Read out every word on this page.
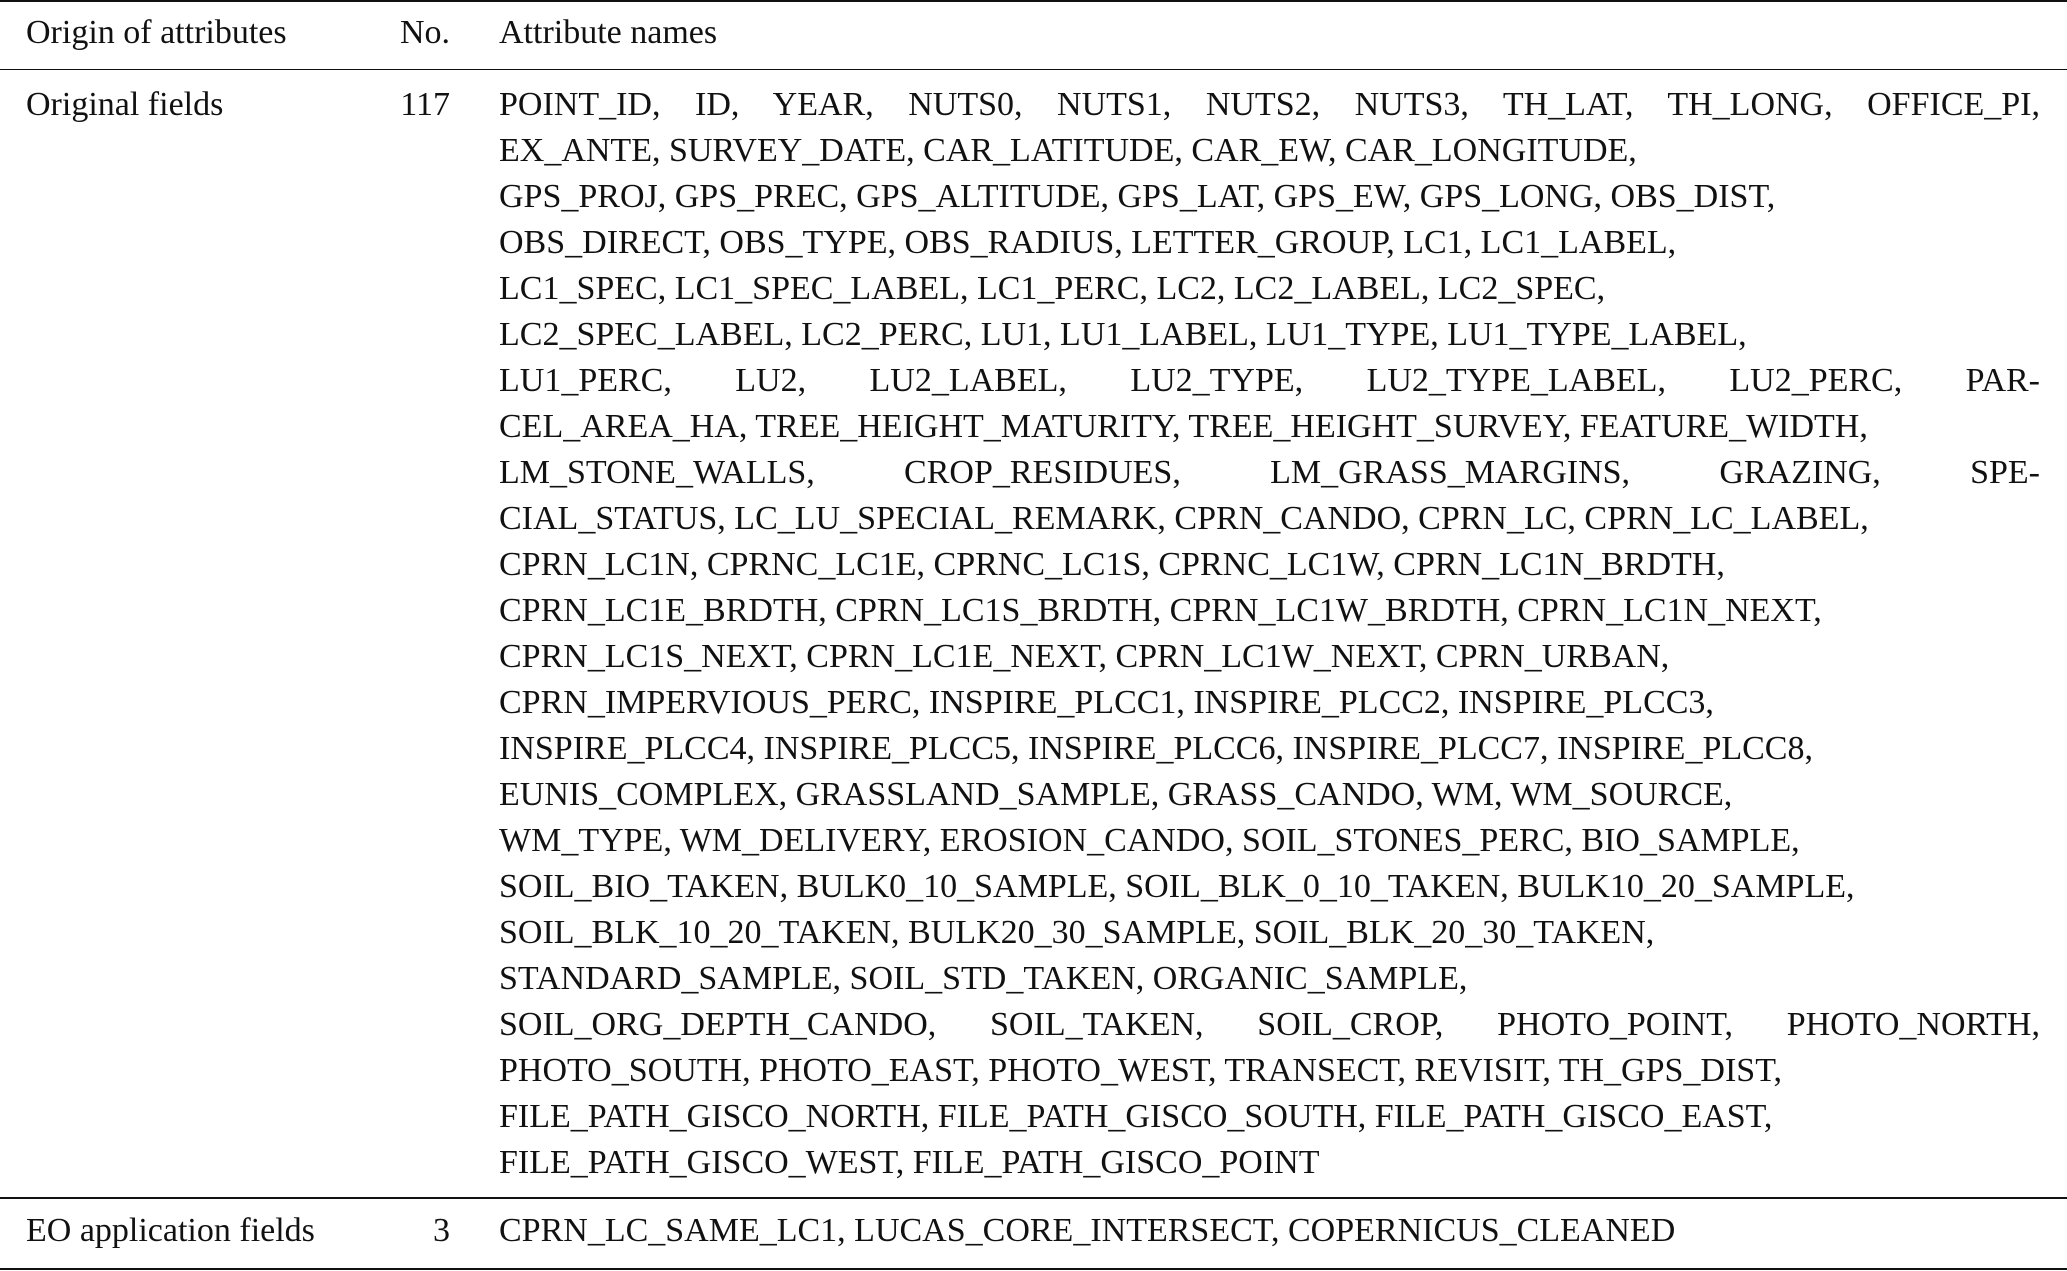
Origin of attributes	No. Attribute names
Original fields	117 POINT_ID, ID, YEAR, NUTS0, NUTS1, NUTS2, NUTS3, TH_LAT, TH_LONG, OFFICE_PI,
EX_ANTE, SURVEY_DATE, CAR_LATITUDE, CAR_EW, CAR_LONGITUDE,
GPS_PROJ, GPS_PREC, GPS_ALTITUDE, GPS_LAT, GPS_EW, GPS_LONG, OBS_DIST,
OBS_DIRECT, OBS_TYPE, OBS_RADIUS, LETTER_GROUP, LC1, LC1_LABEL,
LC1_SPEC, LC1_SPEC_LABEL, LC1_PERC, LC2, LC2_LABEL, LC2_SPEC,
LC2_SPEC_LABEL, LC2_PERC, LU1, LU1_LABEL, LU1_TYPE, LU1_TYPE_LABEL,
LU1_PERC, LU2, LU2_LABEL, LU2_TYPE, LU2_TYPE_LABEL, LU2_PERC, PAR-
CEL_AREA_HA, TREE_HEIGHT_MATURITY, TREE_HEIGHT_SURVEY, FEATURE_WIDTH,
LM_STONE_WALLS, CROP_RESIDUES, LM_GRASS_MARGINS, GRAZING, SPE-
CIAL_STATUS, LC_LU_SPECIAL_REMARK, CPRN_CANDO, CPRN_LC, CPRN_LC_LABEL,
CPRN_LC1N, CPRNC_LC1E, CPRNC_LC1S, CPRNC_LC1W, CPRN_LC1N_BRDTH,
CPRN_LC1E_BRDTH, CPRN_LC1S_BRDTH, CPRN_LC1W_BRDTH, CPRN_LC1N_NEXT,
CPRN_LC1S_NEXT, CPRN_LC1E_NEXT, CPRN_LC1W_NEXT, CPRN_URBAN,
CPRN_IMPERVIOUS_PERC, INSPIRE_PLCC1, INSPIRE_PLCC2, INSPIRE_PLCC3,
INSPIRE_PLCC4, INSPIRE_PLCC5, INSPIRE_PLCC6, INSPIRE_PLCC7, INSPIRE_PLCC8,
EUNIS_COMPLEX, GRASSLAND_SAMPLE, GRASS_CANDO, WM, WM_SOURCE,
WM_TYPE, WM_DELIVERY, EROSION_CANDO, SOIL_STONES_PERC, BIO_SAMPLE,
SOIL_BIO_TAKEN, BULK0_10_SAMPLE, SOIL_BLK_0_10_TAKEN, BULK10_20_SAMPLE,
SOIL_BLK_10_20_TAKEN, BULK20_30_SAMPLE, SOIL_BLK_20_30_TAKEN,
STANDARD_SAMPLE, SOIL_STD_TAKEN, ORGANIC_SAMPLE,
SOIL_ORG_DEPTH_CANDO, SOIL_TAKEN, SOIL_CROP, PHOTO_POINT, PHOTO_NORTH,
PHOTO_SOUTH, PHOTO_EAST, PHOTO_WEST, TRANSECT, REVISIT, TH_GPS_DIST,
FILE_PATH_GISCO_NORTH, FILE_PATH_GISCO_SOUTH, FILE_PATH_GISCO_EAST,
FILE_PATH_GISCO_WEST, FILE_PATH_GISCO_POINT
EO application fields	3 CPRN_LC_SAME_LC1, LUCAS_CORE_INTERSECT, COPERNICUS_CLEANED
